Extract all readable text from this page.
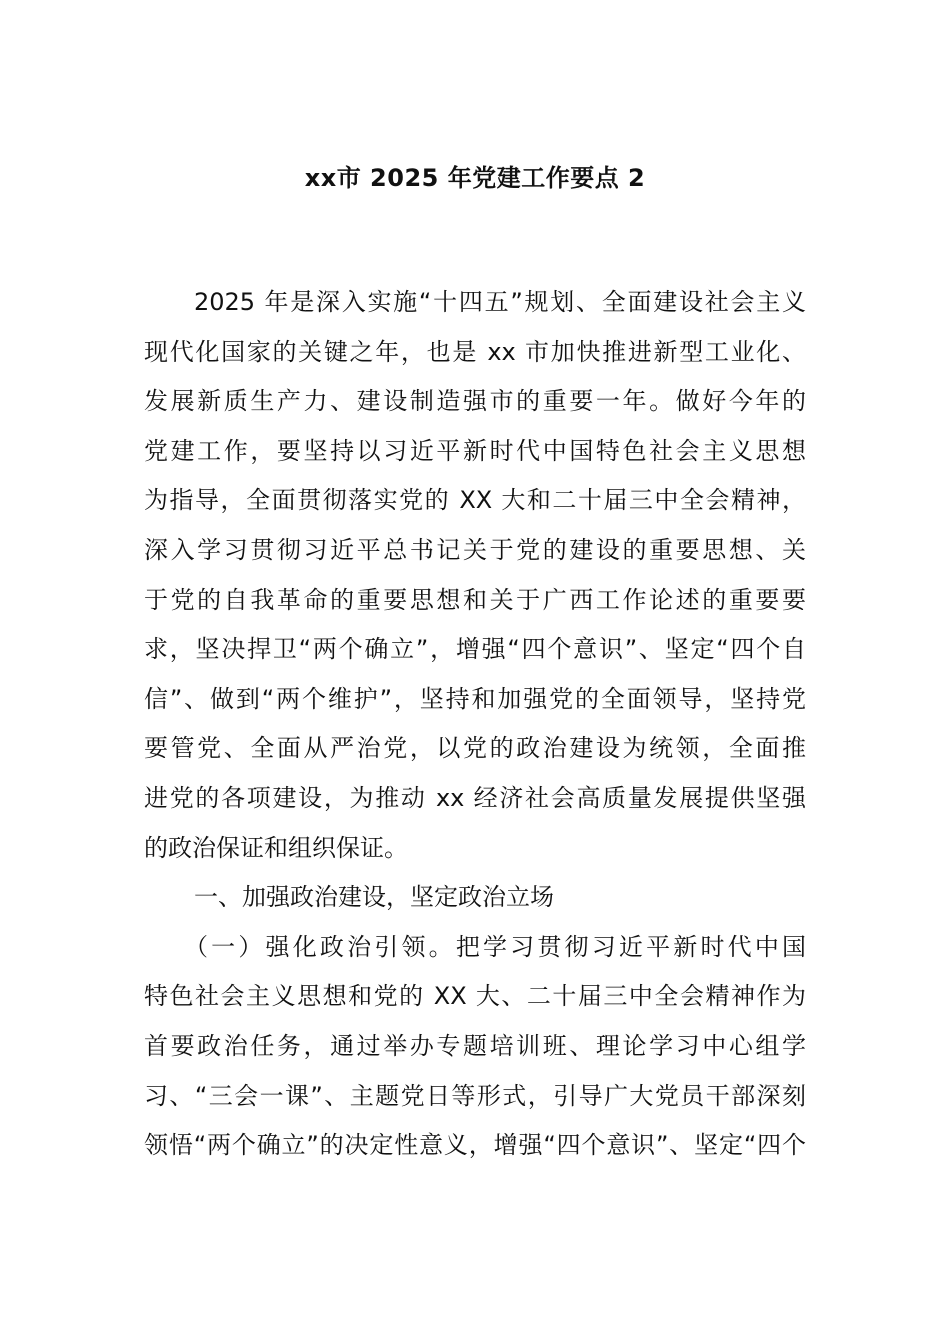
xx市 2025 年党建工作要点 2
2025 年是深入实施“十四五”规划、全面建设社会主义
现代化国家的关键之年，也是 xx 市加快推进新型工业化、
发展新质生产力、建设制造强市的重要一年。做好今年的
党建工作，要坚持以习近平新时代中国特色社会主义思想
为指导，全面贯彻落实党的 XX 大和二十届三中全会精神，
深入学习贯彻习近平总书记关于党的建设的重要思想、关
于党的自我革命的重要思想和关于广西工作论述的重要要
求，坚决捍卫“两个确立”，增强“四个意识”、坚定“四个自
信”、做到“两个维护”，坚持和加强党的全面领导，坚持党
要管党、全面从严治党，以党的政治建设为统领，全面推
进党的各项建设，为推动 xx 经济社会高质量发展提供坚强
的政治保证和组织保证。
一、加强政治建设，坚定政治立场
（一）强化政治引领。把学习贯彻习近平新时代中国
特色社会主义思想和党的 XX 大、二十届三中全会精神作为
首要政治任务，通过举办专题培训班、理论学习中心组学
习、“三会一课”、主题党日等形式，引导广大党员干部深刻
领悟“两个确立”的决定性意义，增强“四个意识”、坚定“四个
